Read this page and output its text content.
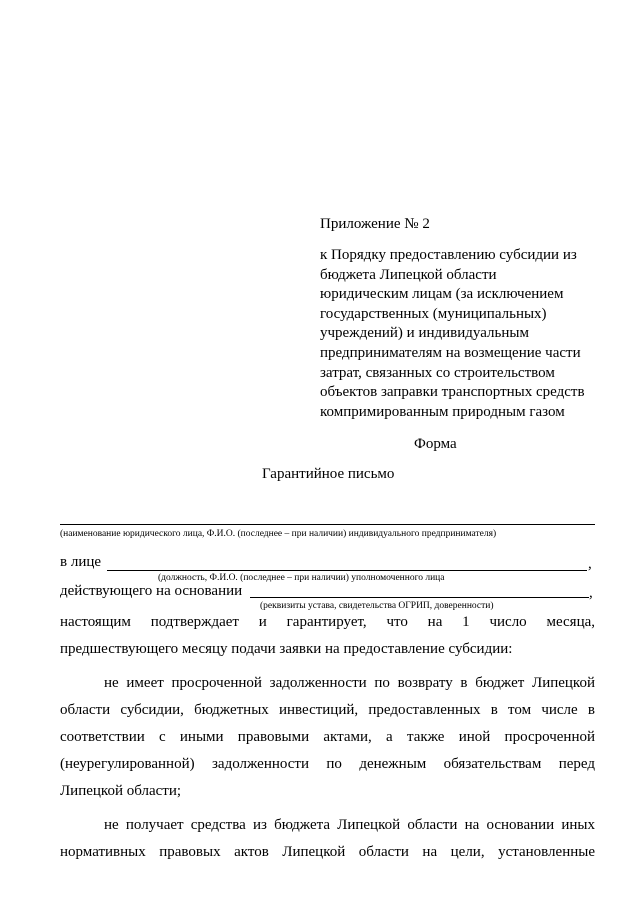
Приложение № 2
к Порядку предоставлению субсидии из
бюджета Липецкой области
юридическим лицам (за исключением
государственных (муниципальных)
учреждений) и индивидуальным
предпринимателям на возмещение части
затрат, связанных со строительством
объектов заправки транспортных средств
компримированным природным газом
Форма
Гарантийное письмо
(наименование юридического лица, Ф.И.О. (последнее – при наличии) индивидуального предпринимателя)
в лице	,
(должность, Ф.И.О. (последнее – при наличии) уполномоченного лица
действующего на основании	,
(реквизиты устава, свидетельства ОГРИП, доверенности)
настоящим подтверждает и гарантирует, что на 1 число месяца,
предшествующего месяцу подачи заявки на предоставление субсидии:
не имеет просроченной задолженности по возврату в бюджет Липецкой
области субсидии, бюджетных инвестиций, предоставленных в том числе в
соответствии с иными правовыми актами, а также иной просроченной
(неурегулированной) задолженности по денежным обязательствам перед
Липецкой области;
не получает средства из бюджета Липецкой области на основании иных
нормативных правовых актов Липецкой области на цели, установленные
